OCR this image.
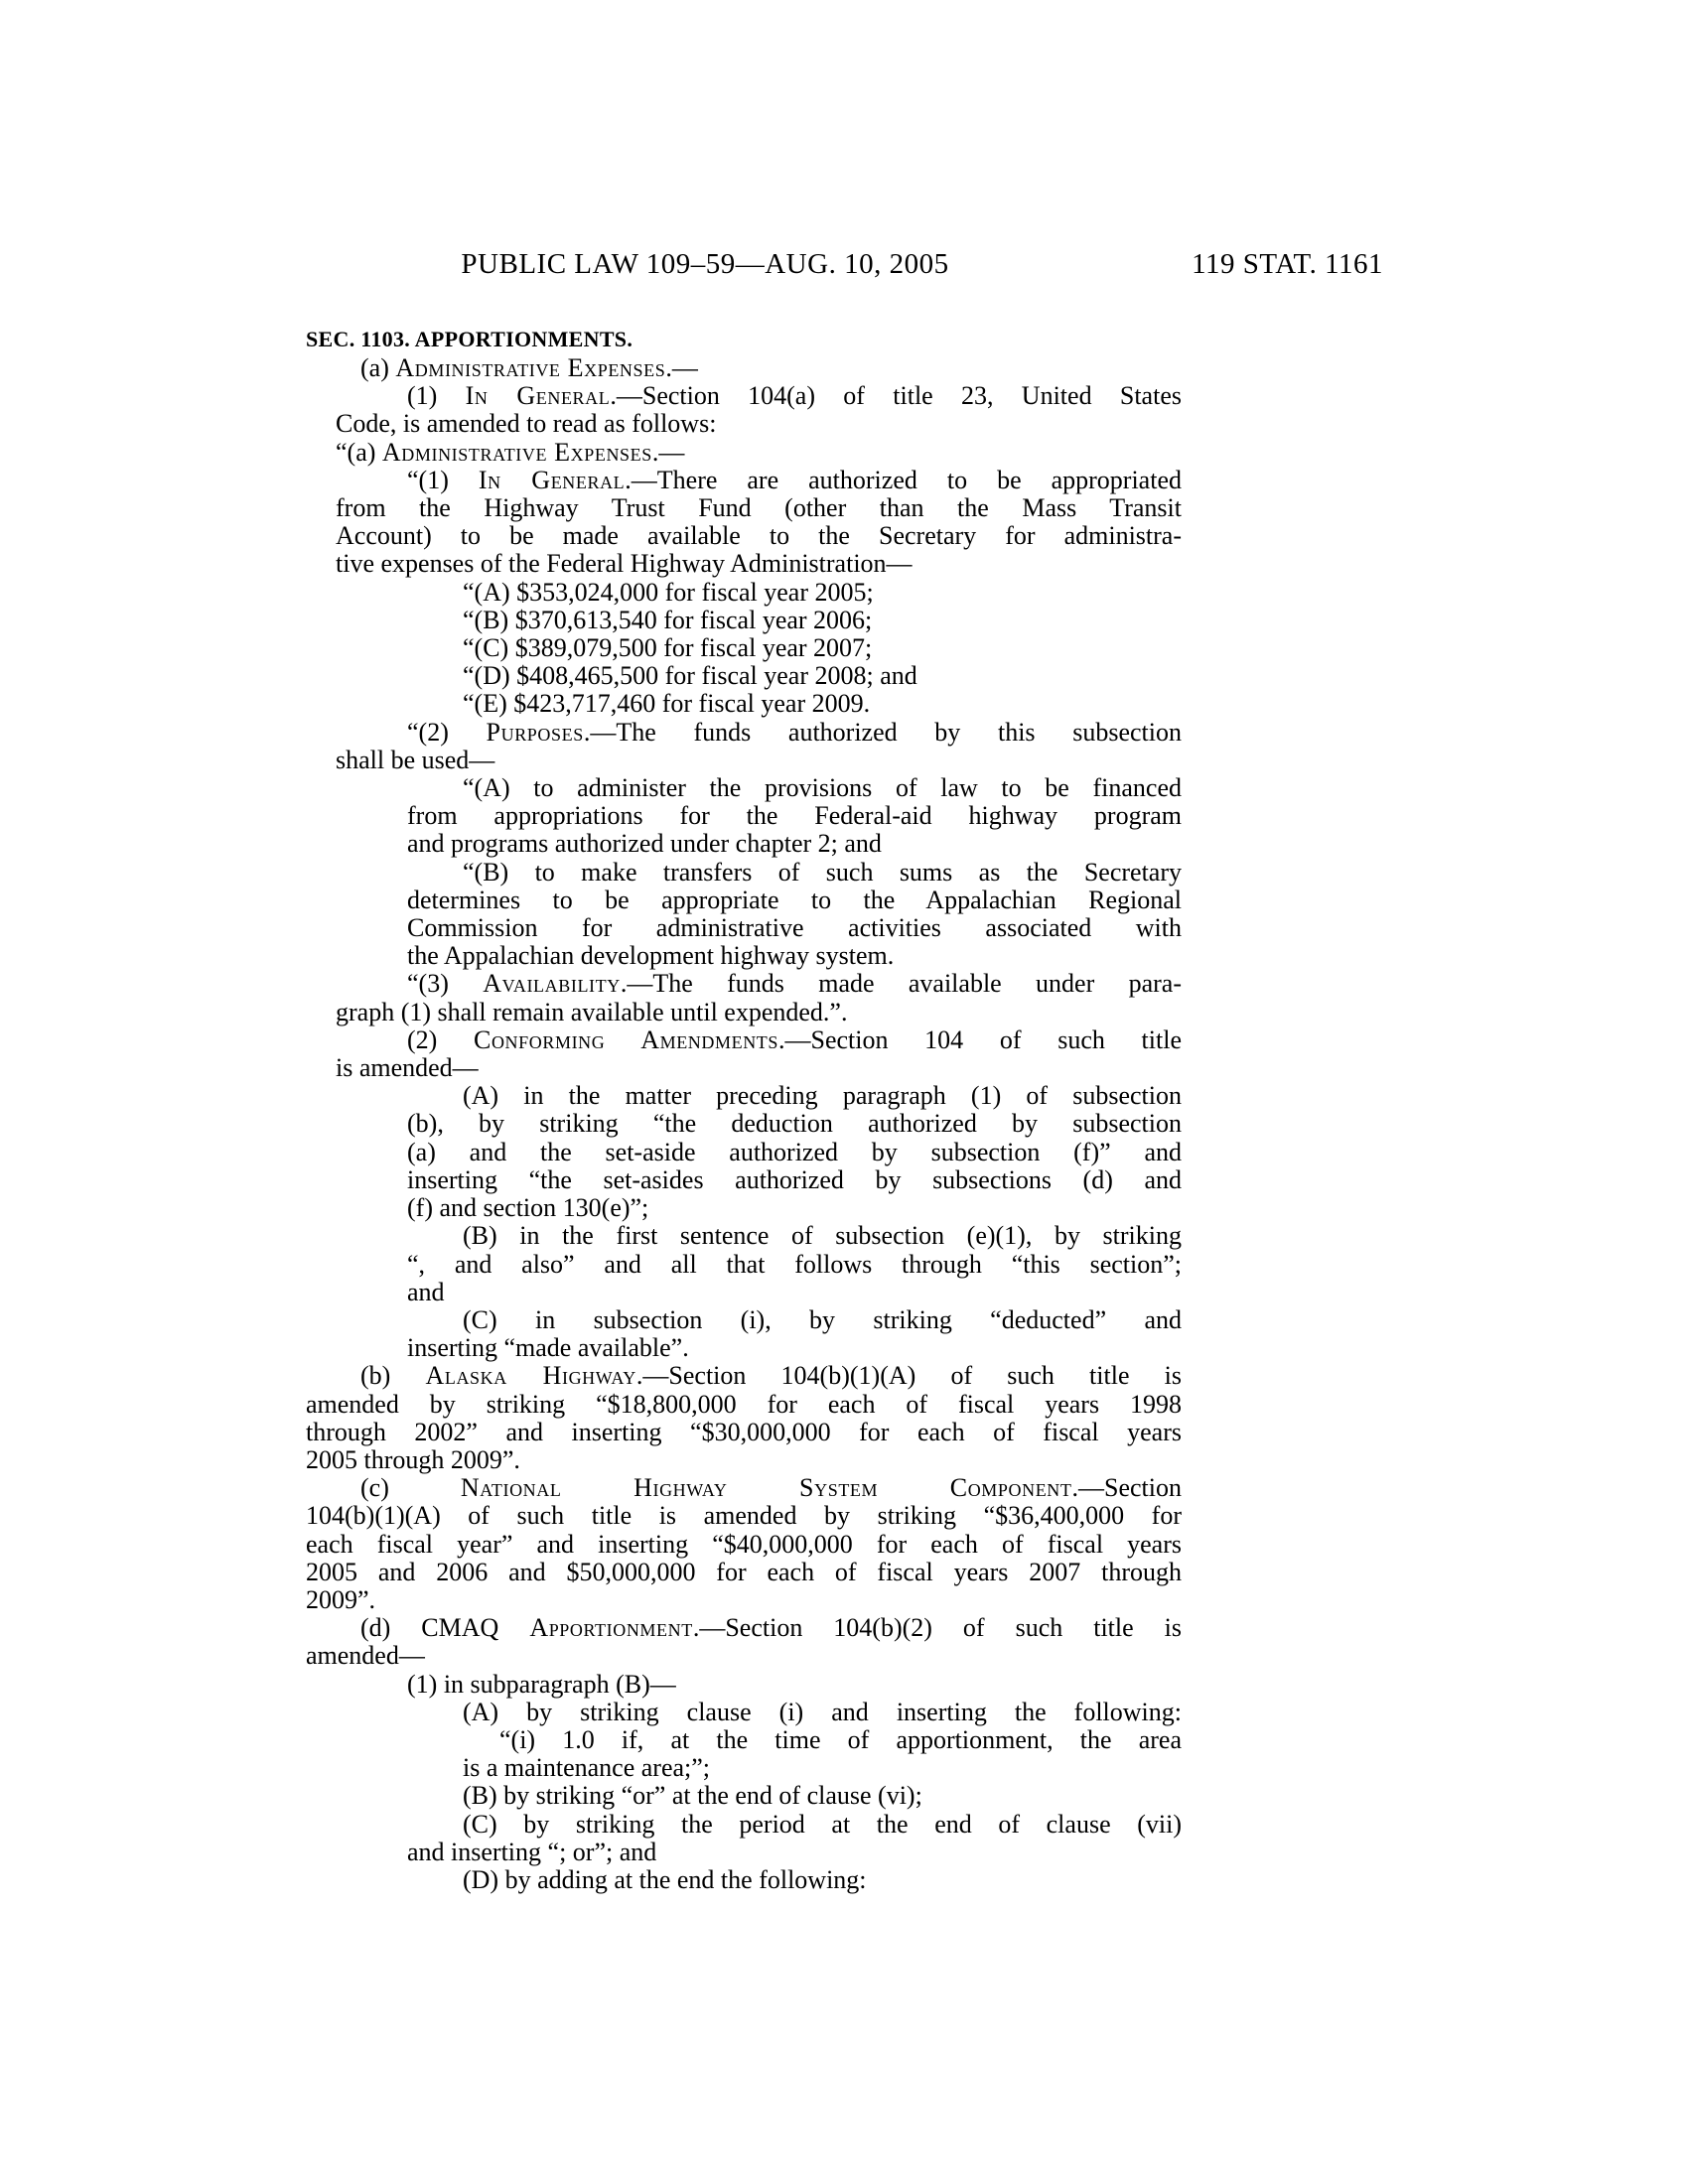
PUBLIC LAW 109–59—AUG. 10, 2005	119 STAT. 1161
SEC. 1103. APPORTIONMENTS.
(a) Administrative Expenses.—
(1) In General.—Section 104(a) of title 23, United States
Code, is amended to read as follows:
“(a) Administrative Expenses.—
“(1) In General.—There are authorized to be appropriated
from the Highway Trust Fund (other than the Mass Transit
Account) to be made available to the Secretary for administra-
tive expenses of the Federal Highway Administration—
“(A) $353,024,000 for fiscal year 2005;
“(B) $370,613,540 for fiscal year 2006;
“(C) $389,079,500 for fiscal year 2007;
“(D) $408,465,500 for fiscal year 2008; and
“(E) $423,717,460 for fiscal year 2009.
“(2) Purposes.—The funds authorized by this subsection
shall be used—
“(A) to administer the provisions of law to be financed
from appropriations for the Federal-aid highway program
and programs authorized under chapter 2; and
“(B) to make transfers of such sums as the Secretary
determines to be appropriate to the Appalachian Regional
Commission for administrative activities associated with
the Appalachian development highway system.
“(3) Availability.—The funds made available under para-
graph (1) shall remain available until expended.”.
(2) Conforming Amendments.—Section 104 of such title
is amended—
(A) in the matter preceding paragraph (1) of subsection
(b), by striking “the deduction authorized by subsection
(a) and the set-aside authorized by subsection (f)” and
inserting “the set-asides authorized by subsections (d) and
(f) and section 130(e)”;
(B) in the first sentence of subsection (e)(1), by striking
“, and also” and all that follows through “this section”;
and
(C) in subsection (i), by striking “deducted” and
inserting “made available”.
(b) Alaska Highway.—Section 104(b)(1)(A) of such title is
amended by striking “$18,800,000 for each of fiscal years 1998
through 2002” and inserting “$30,000,000 for each of fiscal years
2005 through 2009”.
(c) National Highway System Component.—Section
104(b)(1)(A) of such title is amended by striking “$36,400,000 for
each fiscal year” and inserting “$40,000,000 for each of fiscal years
2005 and 2006 and $50,000,000 for each of fiscal years 2007 through
2009”.
(d) CMAQ Apportionment.—Section 104(b)(2) of such title is
amended—
(1) in subparagraph (B)—
(A) by striking clause (i) and inserting the following:
“(i) 1.0 if, at the time of apportionment, the area
is a maintenance area;”;
(B) by striking “or” at the end of clause (vi);
(C) by striking the period at the end of clause (vii)
and inserting “; or”; and
(D) by adding at the end the following:
